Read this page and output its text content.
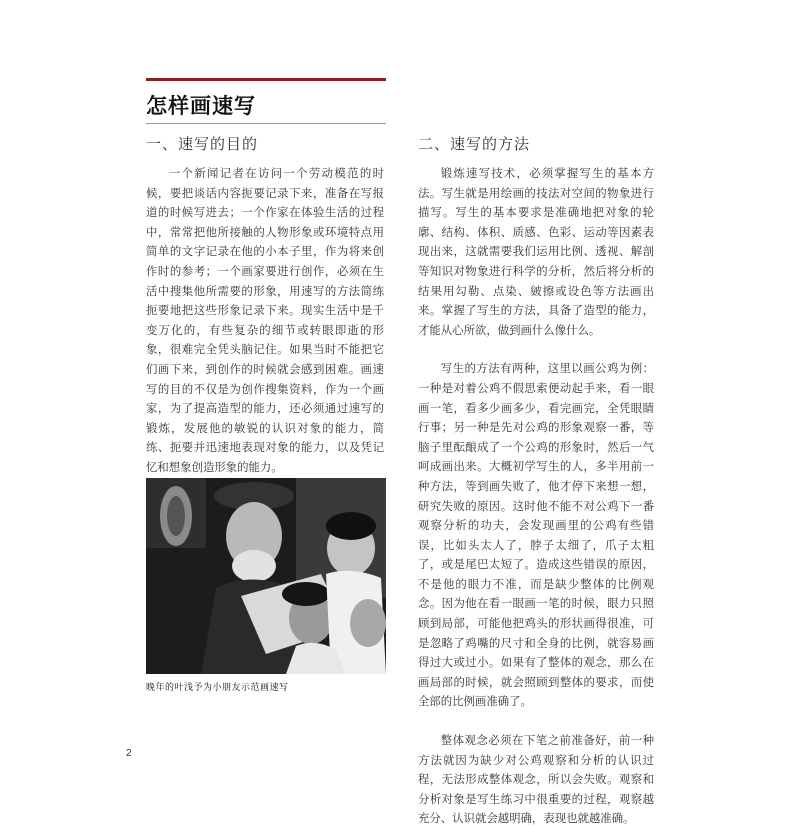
怎样画速写
一、速写的目的	二、速写的方法

一个新闻记者在访问一个劳动模范的时候，要把谈话内容扼要记录下来，准备在写报道的时候写进去；一个作家在体验生活的过程中，常常把他所接触的人物形象或环境特点用简单的文字记录在他的小本子里，作为将来创作时的参考；一个画家要进行创作，必须在生活中搜集他所需要的形象，用速写的方法简练扼要地把这些形象记录下来。现实生活中是千变万化的，有些复杂的细节或转眼即逝的形象，很难完全凭头脑记住。如果当时不能把它们画下来，到创作的时候就会感到困难。画速写的目的不仅是为创作搜集资料，作为一个画家，为了提高造型的能力，还必须通过速写的锻炼，发展他的敏锐的认识对象的能力，简练、扼要并迅速地表现对象的能力，以及凭记忆和想象创造形象的能力。

锻炼速写技术，必须掌握写生的基本方法。写生就是用绘画的技法对空间的物象进行描写。写生的基本要求是准确地把对象的轮廓、结构、体积、质感、色彩、运动等因素表现出来，这就需要我们运用比例、透视、解剖等知识对物象进行科学的分析，然后将分析的结果用勾勒、点染、皴擦或设色等方法画出来。掌握了写生的方法，具备了造型的能力，才能从心所欲，做到画什么像什么。

写生的方法有两种，这里以画公鸡为例：一种是对着公鸡不假思索便动起手来，看一眼画一笔，看多少画多少，看完画完，全凭眼睛行事；另一种是先对公鸡的形象观察一番，等脑子里酝酿成了一个公鸡的形象时，然后一气呵成画出来。大概初学写生的人，多半用前一种方法，等到画失败了，他才停下来想一想，研究失败的原因。这时他不能不对公鸡下一番观察分析的功夫，会发现画里的公鸡有些错误，比如头太人了，脖子太细了，爪子太粗了，或是尾巴太短了。造成这些错误的原因，不是他的眼力不准，而是缺少整体的比例观念。因为他在看一眼画一笔的时候，眼力只照顾到局部，可能他把鸡头的形状画得很准，可是忽略了鸡嘴的尺寸和全身的比例，就容易画得过大或过小。如果有了整体的观念，那么在画局部的时候，就会照顾到整体的要求，而使全部的比例画准确了。

整体观念必须在下笔之前准备好，前一种方法就因为缺少对公鸡观察和分析的认识过程，无法形成整体观念，所以会失败。观察和分析对象是写生练习中很重要的过程，观察越充分、认识就会越明确，表现也就越准确。

晚年的叶浅予为小朋友示范画速写
2
